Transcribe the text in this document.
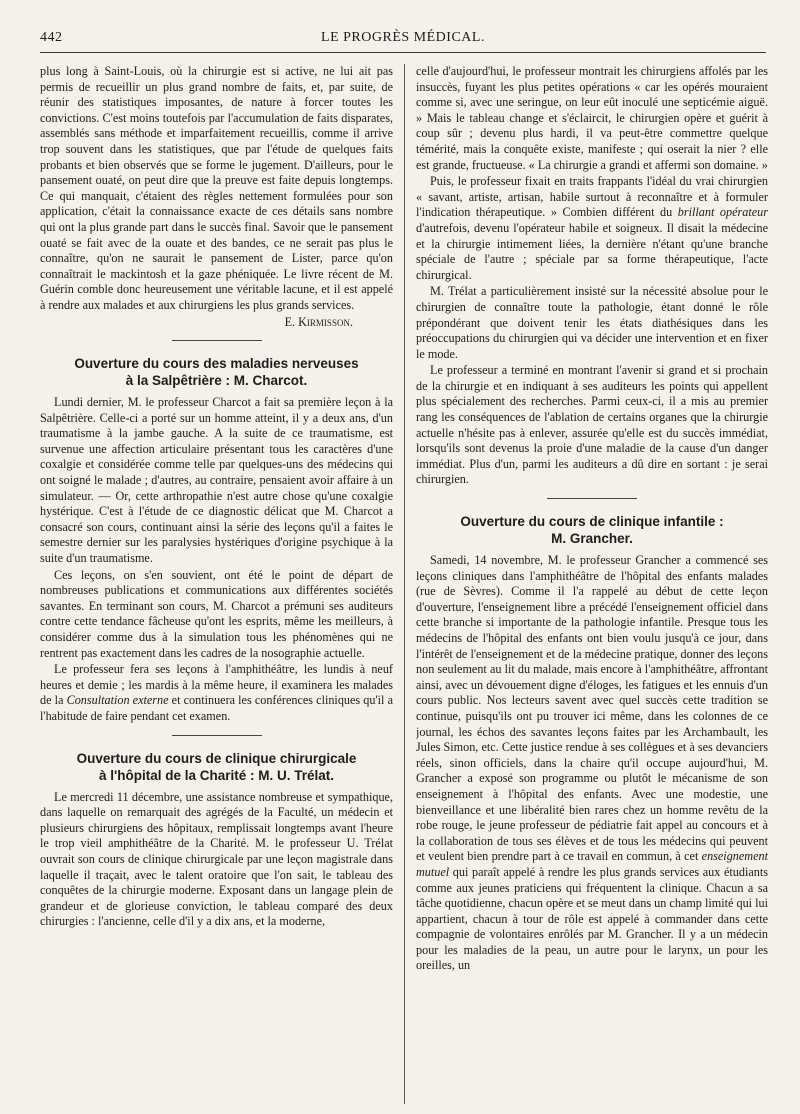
LE PROGRÈS MÉDICAL.
442

plus long à Saint-Louis, où la chirurgie est si active, ne lui ait pas permis de recueillir un plus grand nombre de faits, et, par suite, de réunir des statistiques imposantes, de nature à forcer toutes les convictions. C'est moins toutefois par l'accumulation de faits disparates, assemblés sans méthode et imparfaitement recueillis, comme il arrive trop souvent dans les statistiques, que par l'étude de quelques faits probants et bien observés que se forme le jugement. D'ailleurs, pour le pansement ouaté, on peut dire que la preuve est faite depuis longtemps. Ce qui manquait, c'étaient des règles nettement formulées pour son application, c'était la connaissance exacte de ces détails sans nombre qui ont la plus grande part dans le succès final. Savoir que le pansement ouaté se fait avec de la ouate et des bandes, ce ne serait pas plus le connaître, qu'on ne saurait le pansement de Lister, parce qu'on connaîtrait le mackintosh et la gaze phéniquée. Le livre récent de M. Guérin comble donc heureusement une véritable lacune, et il est appelé à rendre aux malades et aux chirurgiens les plus grands services.

E. Kirmisson.

Ouverture du cours des maladies nerveuses
à la Salpêtrière : M. Charcot.

Lundi dernier, M. le professeur Charcot a fait sa première leçon à la Salpêtrière. Celle-ci a porté sur un homme atteint, il y a deux ans, d'un traumatisme à la jambe gauche. A la suite de ce traumatisme, est survenue une affection articulaire présentant tous les caractères d'une coxalgie et considérée comme telle par quelques-uns des médecins qui ont soigné le malade ; d'autres, au contraire, pensaient avoir affaire à un simulateur. — Or, cette arthropathie n'est autre chose qu'une coxalgie hystérique. C'est à l'étude de ce diagnostic délicat que M. Charcot a consacré son cours, continuant ainsi la série des leçons qu'il a faites le semestre dernier sur les paralysies hystériques d'origine psychique à la suite d'un traumatisme.

Ces leçons, on s'en souvient, ont été le point de départ de nombreuses publications et communications aux différentes sociétés savantes. En terminant son cours, M. Charcot a prémuni ses auditeurs contre cette tendance fâcheuse qu'ont les esprits, même les meilleurs, à considérer comme dus à la simulation tous les phénomènes qui ne rentrent pas exactement dans les cadres de la nosographie actuelle.

Le professeur fera ses leçons à l'amphithéâtre, les lundis à neuf heures et demie ; les mardis à la même heure, il examinera les malades de la Consultation externe et continuera les conférences cliniques qu'il a l'habitude de faire pendant cet examen.

Ouverture du cours de clinique chirurgicale
à l'hôpital de la Charité : M. U. Trélat.

Le mercredi 11 décembre, une assistance nombreuse et sympathique, dans laquelle on remarquait des agrégés de la Faculté, un médecin et plusieurs chirurgiens des hôpitaux, remplissait longtemps avant l'heure le trop vieil amphithéâtre de la Charité. M. le professeur U. Trélat ouvrait son cours de clinique chirurgicale par une leçon magistrale dans laquelle il traçait, avec le talent oratoire que l'on sait, le tableau des conquêtes de la chirurgie moderne. Exposant dans un langage plein de grandeur et de glorieuse conviction, le tableau comparé des deux chirurgies : l'ancienne, celle d'il y a dix ans, et la moderne,

celle d'aujourd'hui, le professeur montrait les chirurgiens affolés par les insuccès, fuyant les plus petites opérations « car les opérés mouraient comme si, avec une seringue, on leur eût inoculé une septicémie aiguë. » Mais le tableau change et s'éclaircit, le chirurgien opère et guérit à coup sûr ; devenu plus hardi, il va peut-être commettre quelque témérité, mais la conquête existe, manifeste ; qui oserait la nier ? elle est grande, fructueuse. « La chirurgie a grandi et affermi son domaine. »

Puis, le professeur fixait en traits frappants l'idéal du vrai chirurgien « savant, artiste, artisan, habile surtout à reconnaître et à formuler l'indication thérapeutique. » Combien différent du brillant opérateur d'autrefois, devenu l'opérateur habile et soigneux. Il disait la médecine et la chirurgie intimement liées, la dernière n'étant qu'une branche spéciale de l'autre ; spéciale par sa forme thérapeutique, l'acte chirurgical.

M. Trélat a particulièrement insisté sur la nécessité absolue pour le chirurgien de connaître toute la pathologie, étant donné le rôle prépondérant que doivent tenir les états diathésiques dans les préoccupations du chirurgien qui va décider une intervention et en fixer le mode.

Le professeur a terminé en montrant l'avenir si grand et si prochain de la chirurgie et en indiquant à ses auditeurs les points qui appellent plus spécialement des recherches. Parmi ceux-ci, il a mis au premier rang les conséquences de l'ablation de certains organes que la chirurgie actuelle n'hésite pas à enlever, assurée qu'elle est du succès immédiat, lorsqu'ils sont devenus la proie d'une maladie de la cause d'un danger immédiat. Plus d'un, parmi les auditeurs a dû dire en sortant : je serai chirurgien.

Ouverture du cours de clinique infantile :
M. Grancher.

Samedi, 14 novembre, M. le professeur Grancher a commencé ses leçons cliniques dans l'amphithéâtre de l'hôpital des enfants malades (rue de Sèvres). Comme il l'a rappelé au début de cette leçon d'ouverture, l'enseignement libre a précédé l'enseignement officiel dans cette branche si importante de la pathologie infantile. Presque tous les médecins de l'hôpital des enfants ont bien voulu jusqu'à ce jour, dans l'intérêt de l'enseignement et de la médecine pratique, donner des leçons non seulement au lit du malade, mais encore à l'amphithéâtre, affrontant ainsi, avec un dévouement digne d'éloges, les fatigues et les ennuis d'un cours public. Nos lecteurs savent avec quel succès cette tradition se continue, puisqu'ils ont pu trouver ici même, dans les colonnes de ce journal, les échos des savantes leçons faites par les Archambault, les Jules Simon, etc. Cette justice rendue à ses collègues et à ses devanciers réels, sinon officiels, dans la chaire qu'il occupe aujourd'hui, M. Grancher a exposé son programme ou plutôt le mécanisme de son enseignement à l'hôpital des enfants. Avec une modestie, une bienveillance et une libéralité bien rares chez un homme revêtu de la robe rouge, le jeune professeur de pédiatrie fait appel au concours et à la collaboration de tous ses élèves et de tous les médecins qui peuvent et veulent bien prendre part à ce travail en commun, à cet enseignement mutuel qui paraît appelé à rendre les plus grands services aux étudiants comme aux jeunes praticiens qui fréquentent la clinique. Chacun a sa tâche quotidienne, chacun opère et se meut dans un champ limité qui lui appartient, chacun à tour de rôle est appelé à commander dans cette compagnie de volontaires enrôlés par M. Grancher. Il y a un médecin pour les maladies de la peau, un autre pour le larynx, un pour les oreilles, un
